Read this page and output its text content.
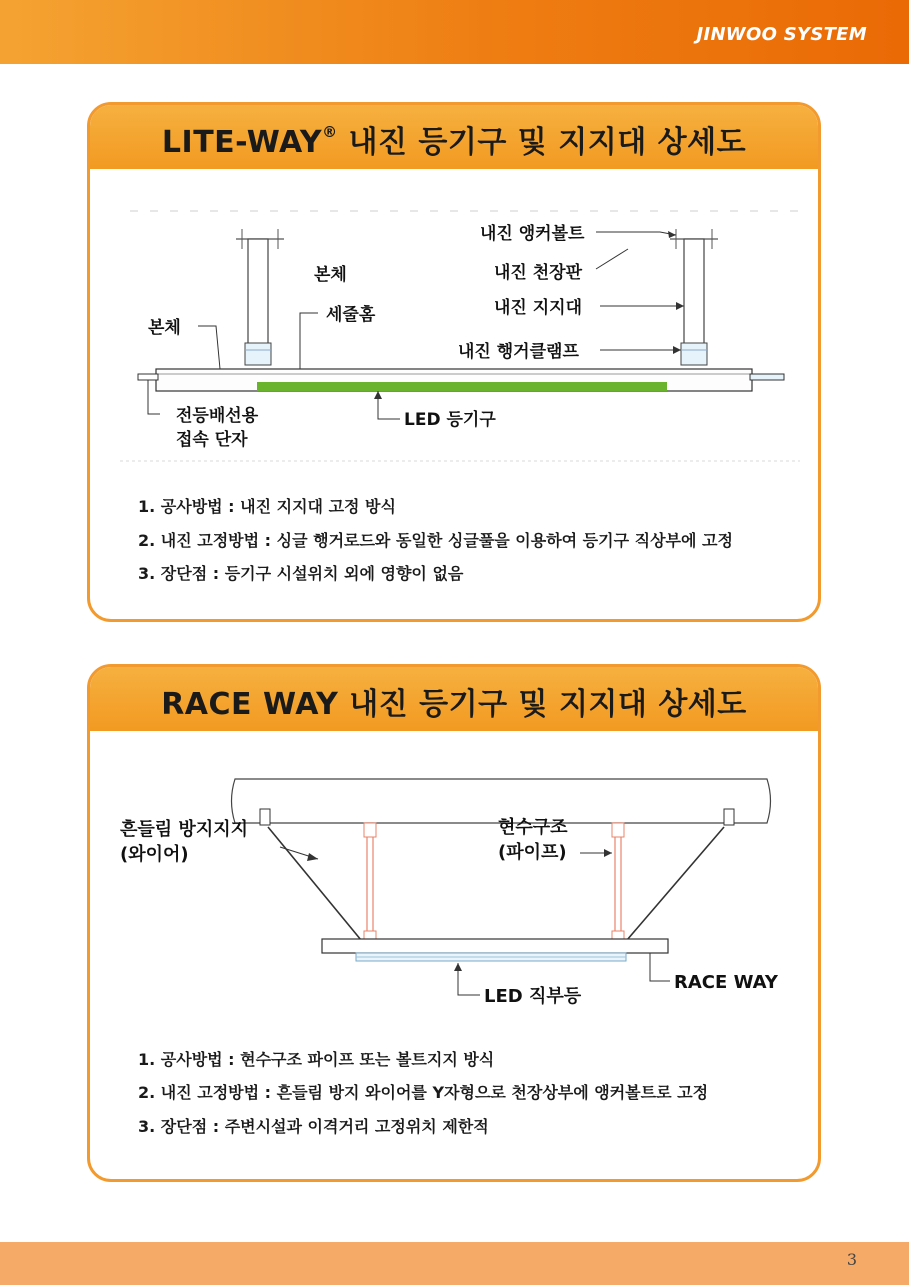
JINWOO SYSTEM
LITE-WAY® 내진 등기구 및 지지대 상세도
내진 앵커볼트
본체	내진 천장판
세줄홈	내진 지지대
본체
내진 행거클램프
전등배선용
접속 단자
LED 등기구
1. 공사방법 : 내진 지지대 고정 방식
2. 내진 고정방법 : 싱글 행거로드와 동일한 싱글풀을 이용하여 등기구 직상부에 고정
3. 장단점 : 등기구 시설위치 외에 영향이 없음
RACE WAY 내진 등기구 및 지지대 상세도
흔들림 방지지지
(와이어)
현수구조
(파이프)
RACE WAY
LED 직부등
1. 공사방법 : 현수구조 파이프 또는 볼트지지 방식
2. 내진 고정방법 : 흔들림 방지 와이어를 Y자형으로 천장상부에 앵커볼트로 고정
3. 장단점 : 주변시설과 이격거리 고정위치 제한적
3
